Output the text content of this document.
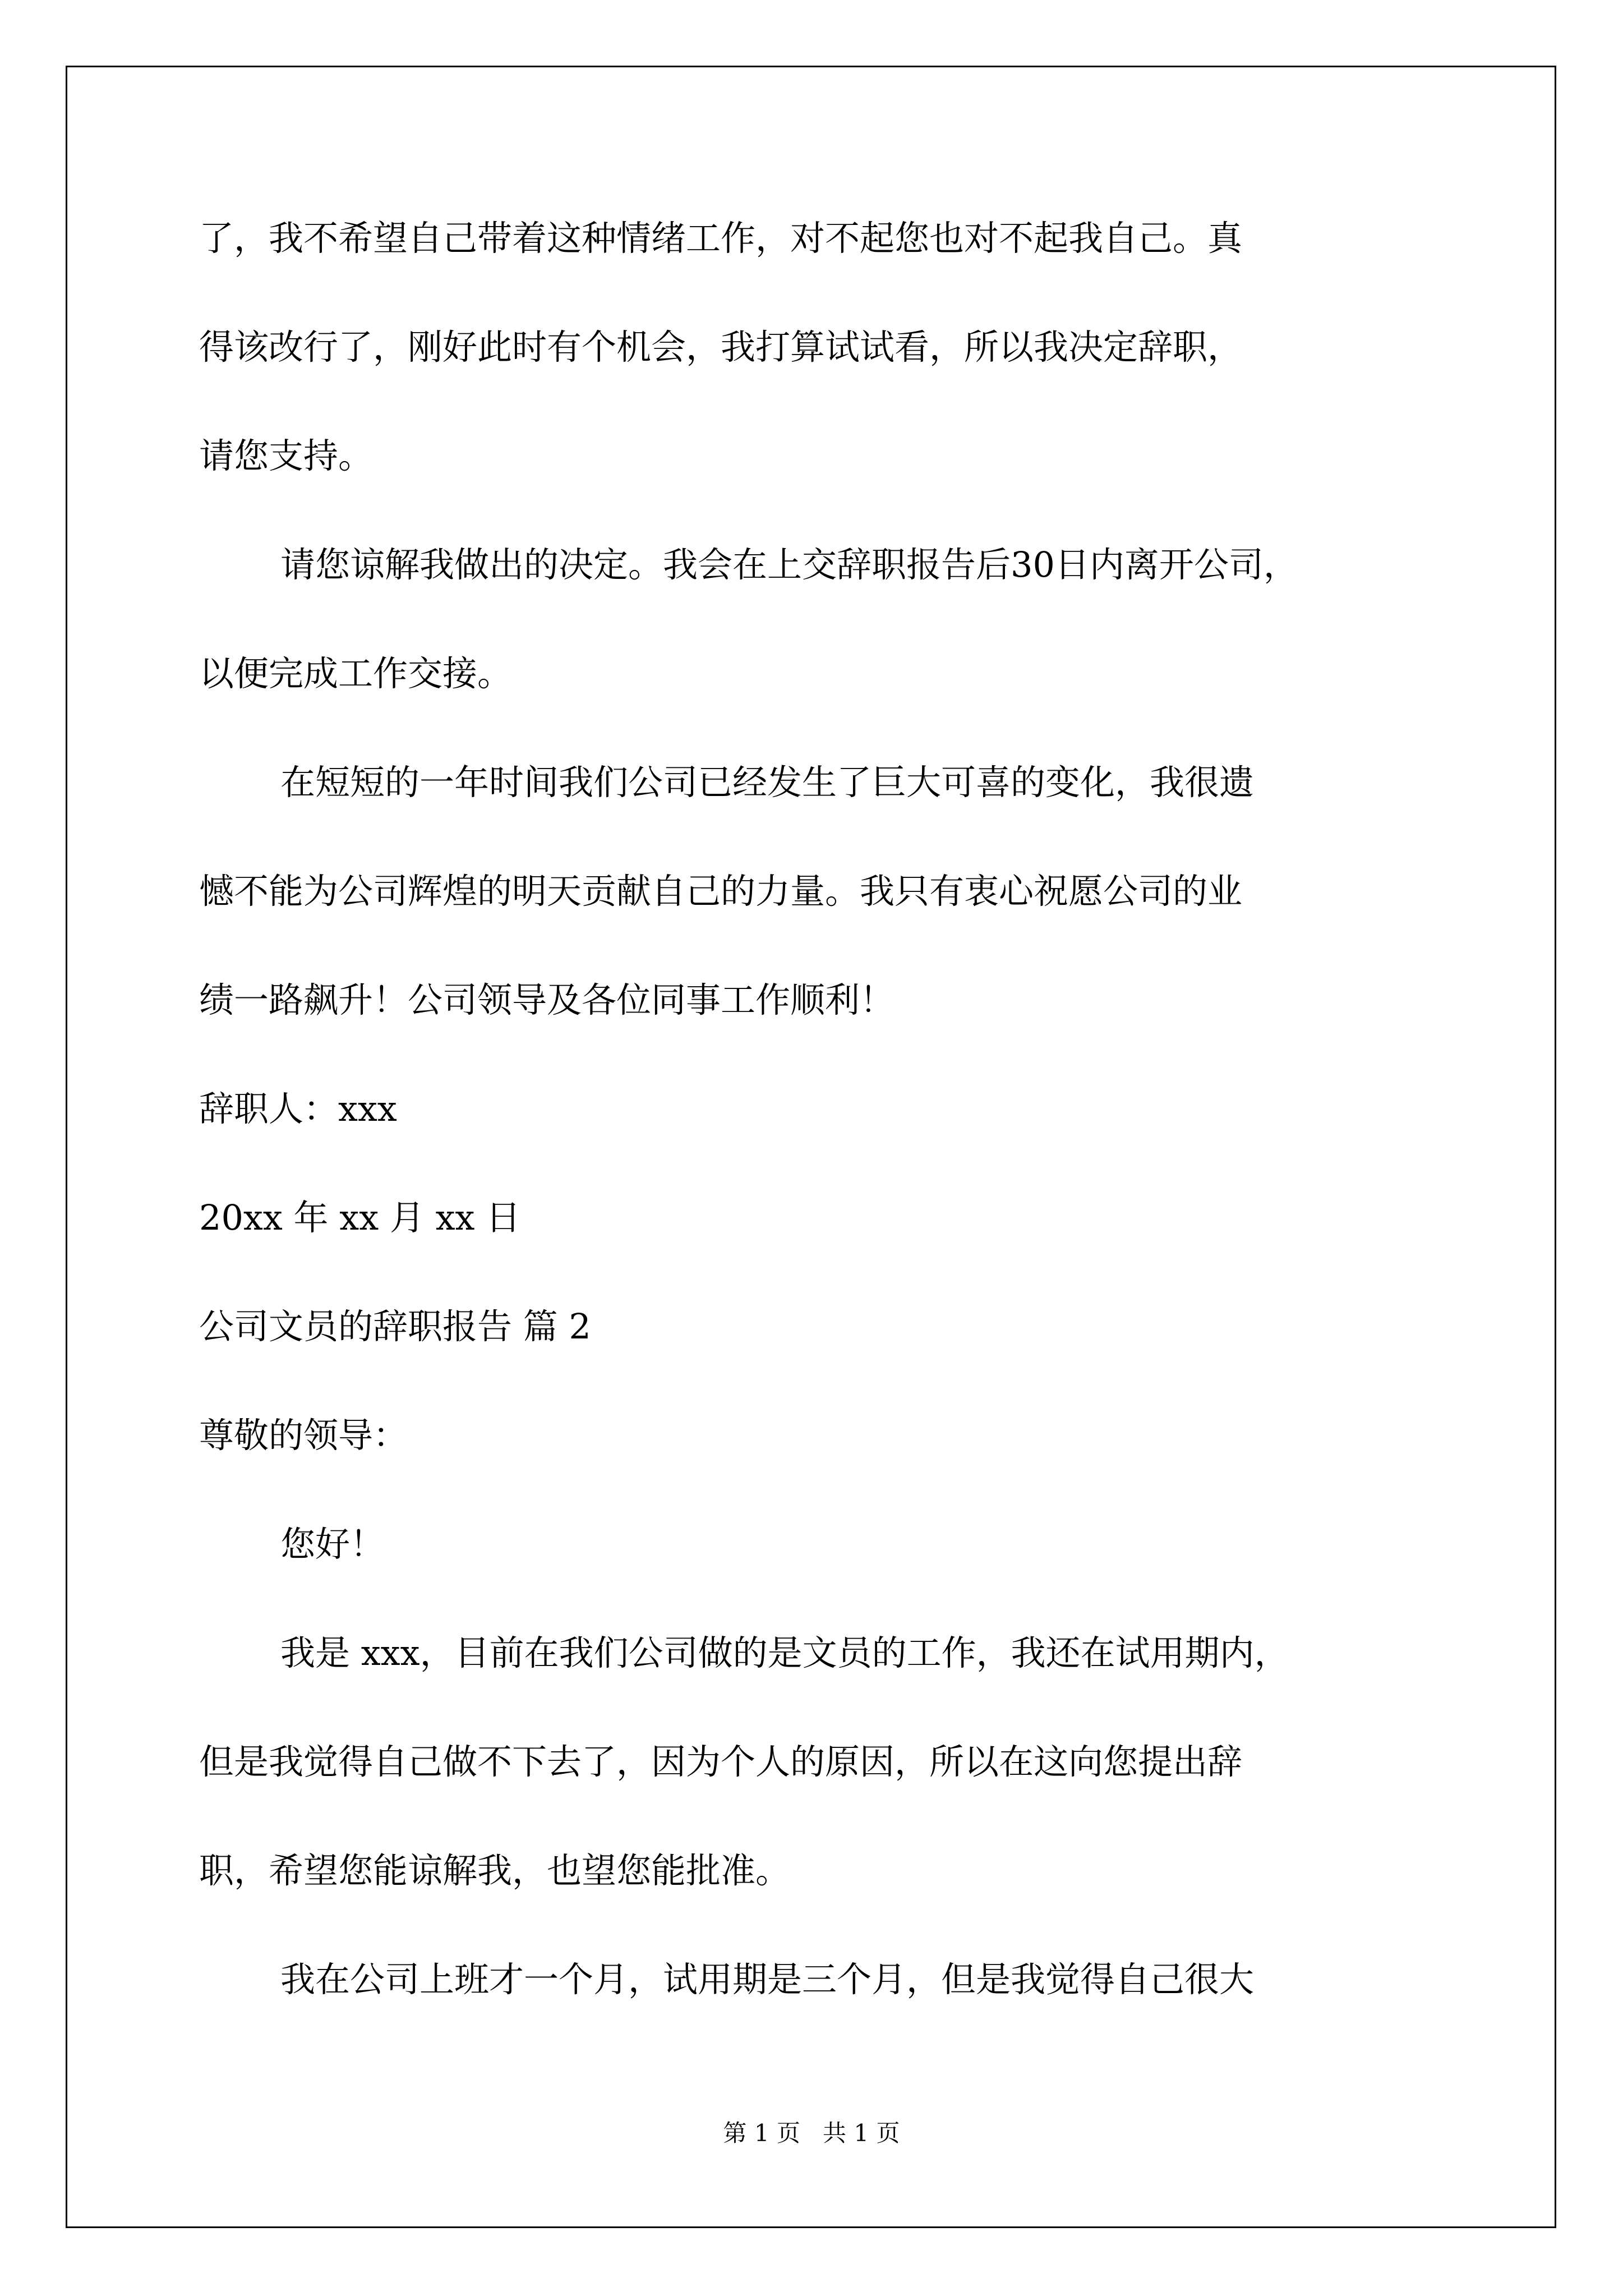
了，我不希望自己带着这种情绪工作，对不起您也对不起我自己。真
得该改行了，刚好此时有个机会，我打算试试看，所以我决定辞职，
请您支持。
请您谅解我做出的决定。我会在上交辞职报告后30日内离开公司，
以便完成工作交接。
在短短的一年时间我们公司已经发生了巨大可喜的变化，我很遗
憾不能为公司辉煌的明天贡献自己的力量。我只有衷心祝愿公司的业
绩一路飙升！公司领导及各位同事工作顺利！
辞职人：xxx
20xx 年 xx 月 xx 日
公司文员的辞职报告 篇 2
尊敬的领导：
您好！
我是 xxx，目前在我们公司做的是文员的工作，我还在试用期内，
但是我觉得自己做不下去了，因为个人的原因，所以在这向您提出辞
职，希望您能谅解我，也望您能批准。
我在公司上班才一个月，试用期是三个月，但是我觉得自己很大
第 1 页   共 1 页
